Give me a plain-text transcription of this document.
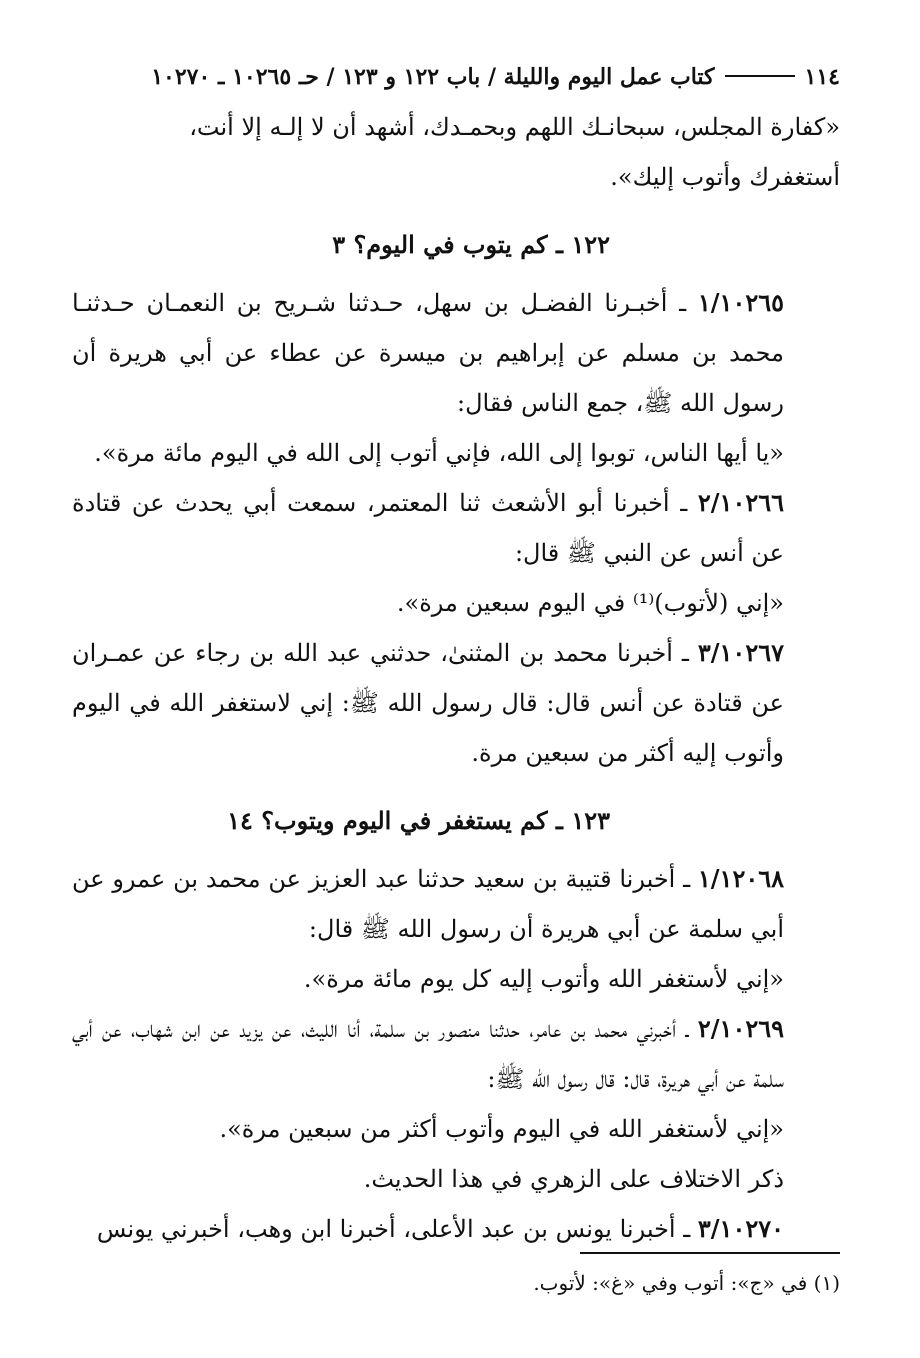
١١٤
كتاب عمل اليوم والليلة / باب ١٢٢ و ١٢٣ / حـ ١٠٢٦٥ ـ ١٠٢٧٠

«كفارة المجلس، سبحانـك اللهم وبحمـدك، أشهد أن لا إلـه إلا أنت،

أستغفرك وأتوب إليك».

١٢٢ ـ كم يتوب في اليوم؟ ٣

١/١٠٢٦٥ ـ أخبـرنا الفضـل بن سهل، حـدثنا شـريح بن النعمـان حـدثنـا محمد بن مسلم عن إبراهيم بن ميسرة عن عطاء عن أبي هريرة أن رسول الله ﷺ، جمع الناس فقال:

«يا أيها الناس، توبوا إلى الله، فإني أتوب إلى الله في اليوم مائة مرة».

٢/١٠٢٦٦ ـ أخبرنا أبو الأشعث ثنا المعتمر، سمعت أبي يحدث عن قتادة عن أنس عن النبي ﷺ قال:

«إني (لأتوب)⁽¹⁾ في اليوم سبعين مرة».

٣/١٠٢٦٧ ـ أخبرنا محمد بن المثنىٰ، حدثني عبد الله بن رجاء عن عمـران عن قتادة عن أنس قال: قال رسول الله ﷺ: إني لاستغفر الله في اليوم وأتوب إليه أكثر من سبعين مرة.

١٢٣ ـ كم يستغفر في اليوم ويتوب؟ ١٤

١/١٢٠٦٨ ـ أخبرنا قتيبة بن سعيد حدثنا عبد العزيز عن محمد بن عمرو عن أبي سلمة عن أبي هريرة أن رسول الله ﷺ قال:

«إني لأستغفر الله وأتوب إليه كل يوم مائة مرة».

٢/١٠٢٦٩ ـ أخبرني محمد بن عامر، حدثنا منصور بن سلمة، أنا الليث، عن يزيد عن ابن شهاب، عن أبي سلمة عن أبي هريرة، قال: قال رسول الله ﷺ:

«إني لأستغفر الله في اليوم وأتوب أكثر من سبعين مرة».

ذكر الاختلاف على الزهري في هذا الحديث.

٣/١٠٢٧٠ ـ أخبرنا يونس بن عبد الأعلى، أخبرنا ابن وهب، أخبرني يونس

(١) في «ج»: أتوب وفي «غ»: لأتوب.
